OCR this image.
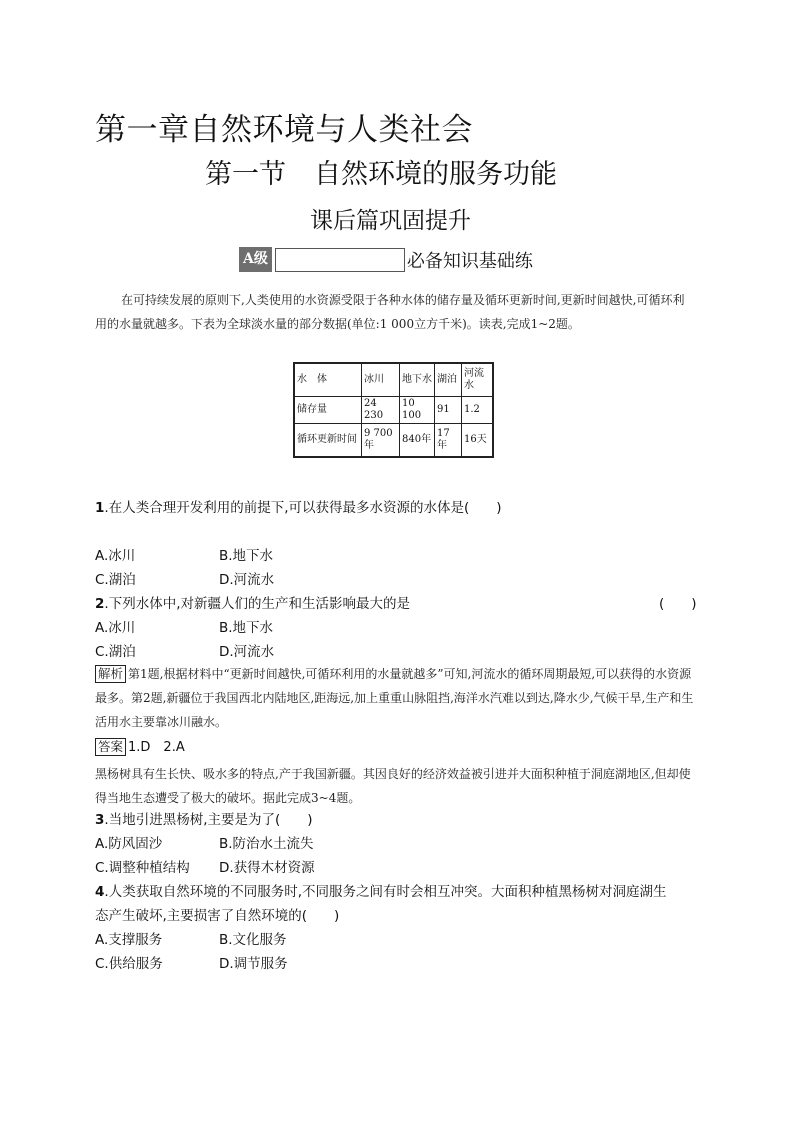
第一章自然环境与人类社会
第一节 自然环境的服务功能
课后篇巩固提升
A级	必备知识基础练
在可持续发展的原则下,人类使用的水资源受限于各种水体的储存量及循环更新时间,更新时间越快,可循环利用的水量就越多。下表为全球淡水量的部分数据(单位:1 000立方千米)。读表,完成1~2题。
水　体	冰川	地下水	湖泊	河流水
储存量	24 230	10 100	91	1.2
循环更新时间	9 700年	840年	17年	16天
1.在人类合理开发利用的前提下,可以获得最多水资源的水体是(　　)
A.冰川	B.地下水
C.湖泊	D.河流水
2.下列水体中,对新疆人们的生产和生活影响最大的是	(　　)
A.冰川	B.地下水
C.湖泊	D.河流水
解析 第1题,根据材料中“更新时间越快,可循环利用的水量就越多”可知,河流水的循环周期最短,可以获得的水资源最多。第2题,新疆位于我国西北内陆地区,距海远,加上重重山脉阻挡,海洋水汽难以到达,降水少,气候干旱,生产和生活用水主要靠冰川融水。
答案 1.D　2.A
黑杨树具有生长快、吸水多的特点,产于我国新疆。其因良好的经济效益被引进并大面积种植于洞庭湖地区,但却使得当地生态遭受了极大的破坏。据此完成3~4题。
3.当地引进黑杨树,主要是为了(　　)
A.防风固沙	B.防治水土流失
C.调整种植结构 D.获得木材资源
4.人类获取自然环境的不同服务时,不同服务之间有时会相互冲突。大面积种植黑杨树对洞庭湖生
态产生破坏,主要损害了自然环境的(　　)
A.支撑服务	B.文化服务
C.供给服务	D.调节服务
